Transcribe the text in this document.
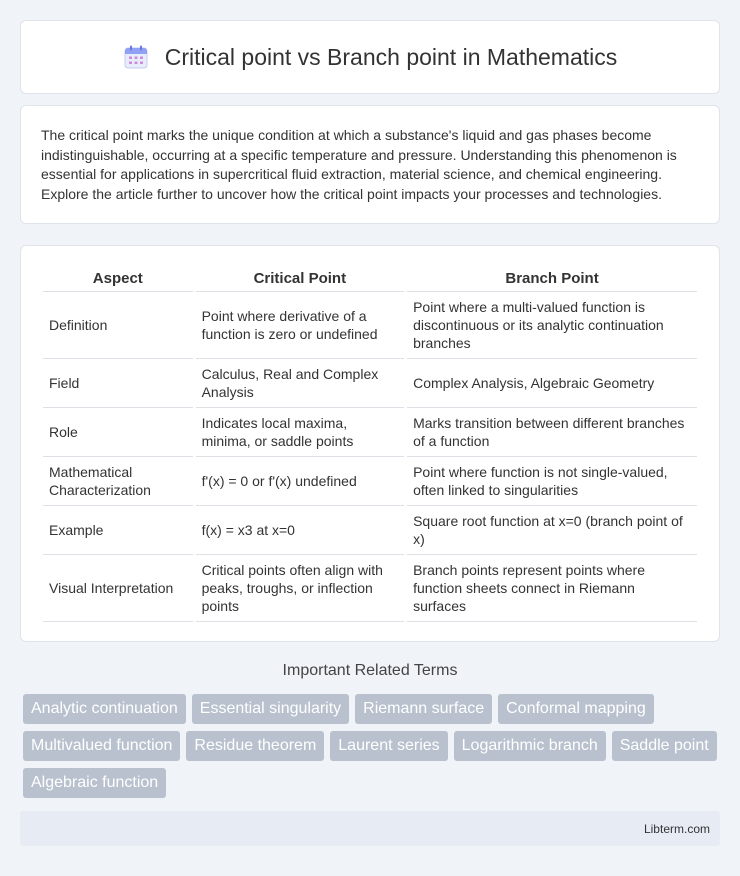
Critical point vs Branch point in Mathematics

The critical point marks the unique condition at which a substance's liquid and gas phases become indistinguishable, occurring at a specific temperature and pressure. Understanding this phenomenon is essential for applications in supercritical fluid extraction, material science, and chemical engineering. Explore the article further to uncover how the critical point impacts your processes and technologies.

Aspect	Critical Point	Branch Point
Definition	Point where derivative of a function is zero or undefined	Point where a multi-valued function is discontinuous or its analytic continuation branches
Field	Calculus, Real and Complex Analysis	Complex Analysis, Algebraic Geometry
Role	Indicates local maxima, minima, or saddle points	Marks transition between different branches of a function
Mathematical Characterization	f'(x) = 0 or f'(x) undefined	Point where function is not single-valued, often linked to singularities
Example	f(x) = x3 at x=0	Square root function at x=0 (branch point of x)
Visual Interpretation	Critical points often align with peaks, troughs, or inflection points	Branch points represent points where function sheets connect in Riemann surfaces
Important Related Terms
Analytic continuation	Essential singularity	Riemann surface	Conformal mapping
Multivalued function	Residue theorem	Laurent series	Logarithmic branch	Saddle point
Algebraic function
Libterm.com
